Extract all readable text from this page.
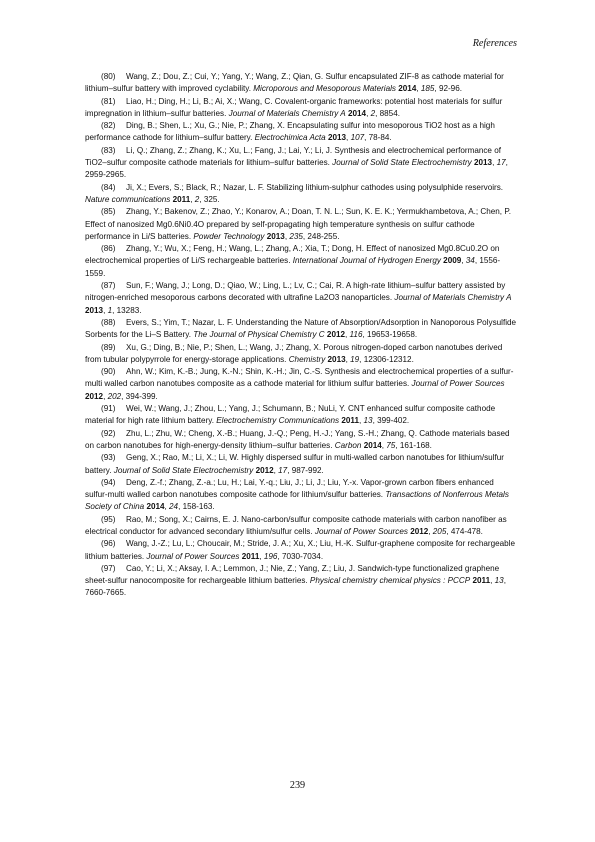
References

(80) Wang, Z.; Dou, Z.; Cui, Y.; Yang, Y.; Wang, Z.; Qian, G. Sulfur encapsulated ZIF-8 as cathode material for lithium–sulfur battery with improved cyclability. Microporous and Mesoporous Materials 2014, 185, 92-96.

(81) Liao, H.; Ding, H.; Li, B.; Ai, X.; Wang, C. Covalent-organic frameworks: potential host materials for sulfur impregnation in lithium–sulfur batteries. Journal of Materials Chemistry A 2014, 2, 8854.

(82) Ding, B.; Shen, L.; Xu, G.; Nie, P.; Zhang, X. Encapsulating sulfur into mesoporous TiO2 host as a high performance cathode for lithium–sulfur battery. Electrochimica Acta 2013, 107, 78-84.

(83) Li, Q.; Zhang, Z.; Zhang, K.; Xu, L.; Fang, J.; Lai, Y.; Li, J. Synthesis and electrochemical performance of TiO2–sulfur composite cathode materials for lithium–sulfur batteries. Journal of Solid State Electrochemistry 2013, 17, 2959-2965.

(84) Ji, X.; Evers, S.; Black, R.; Nazar, L. F. Stabilizing lithium-sulphur cathodes using polysulphide reservoirs. Nature communications 2011, 2, 325.

(85) Zhang, Y.; Bakenov, Z.; Zhao, Y.; Konarov, A.; Doan, T. N. L.; Sun, K. E. K.; Yermukhambetova, A.; Chen, P. Effect of nanosized Mg0.6Ni0.4O prepared by self-propagating high temperature synthesis on sulfur cathode performance in Li/S batteries. Powder Technology 2013, 235, 248-255.

(86) Zhang, Y.; Wu, X.; Feng, H.; Wang, L.; Zhang, A.; Xia, T.; Dong, H. Effect of nanosized Mg0.8Cu0.2O on electrochemical properties of Li/S rechargeable batteries. International Journal of Hydrogen Energy 2009, 34, 1556-1559.

(87) Sun, F.; Wang, J.; Long, D.; Qiao, W.; Ling, L.; Lv, C.; Cai, R. A high-rate lithium–sulfur battery assisted by nitrogen-enriched mesoporous carbons decorated with ultrafine La2O3 nanoparticles. Journal of Materials Chemistry A 2013, 1, 13283.

(88) Evers, S.; Yim, T.; Nazar, L. F. Understanding the Nature of Absorption/Adsorption in Nanoporous Polysulfide Sorbents for the Li–S Battery. The Journal of Physical Chemistry C 2012, 116, 19653-19658.

(89) Xu, G.; Ding, B.; Nie, P.; Shen, L.; Wang, J.; Zhang, X. Porous nitrogen-doped carbon nanotubes derived from tubular polypyrrole for energy-storage applications. Chemistry 2013, 19, 12306-12312.

(90) Ahn, W.; Kim, K.-B.; Jung, K.-N.; Shin, K.-H.; Jin, C.-S. Synthesis and electrochemical properties of a sulfur-multi walled carbon nanotubes composite as a cathode material for lithium sulfur batteries. Journal of Power Sources 2012, 202, 394-399.

(91) Wei, W.; Wang, J.; Zhou, L.; Yang, J.; Schumann, B.; NuLi, Y. CNT enhanced sulfur composite cathode material for high rate lithium battery. Electrochemistry Communications 2011, 13, 399-402.

(92) Zhu, L.; Zhu, W.; Cheng, X.-B.; Huang, J.-Q.; Peng, H.-J.; Yang, S.-H.; Zhang, Q. Cathode materials based on carbon nanotubes for high-energy-density lithium–sulfur batteries. Carbon 2014, 75, 161-168.

(93) Geng, X.; Rao, M.; Li, X.; Li, W. Highly dispersed sulfur in multi-walled carbon nanotubes for lithium/sulfur battery. Journal of Solid State Electrochemistry 2012, 17, 987-992.

(94) Deng, Z.-f.; Zhang, Z.-a.; Lu, H.; Lai, Y.-q.; Liu, J.; Li, J.; Liu, Y.-x. Vapor-grown carbon fibers enhanced sulfur-multi walled carbon nanotubes composite cathode for lithium/sulfur batteries. Transactions of Nonferrous Metals Society of China 2014, 24, 158-163.

(95) Rao, M.; Song, X.; Cairns, E. J. Nano-carbon/sulfur composite cathode materials with carbon nanofiber as electrical conductor for advanced secondary lithium/sulfur cells. Journal of Power Sources 2012, 205, 474-478.

(96) Wang, J.-Z.; Lu, L.; Choucair, M.; Stride, J. A.; Xu, X.; Liu, H.-K. Sulfur-graphene composite for rechargeable lithium batteries. Journal of Power Sources 2011, 196, 7030-7034.

(97) Cao, Y.; Li, X.; Aksay, I. A.; Lemmon, J.; Nie, Z.; Yang, Z.; Liu, J. Sandwich-type functionalized graphene sheet-sulfur nanocomposite for rechargeable lithium batteries. Physical chemistry chemical physics : PCCP 2011, 13, 7660-7665.

239
